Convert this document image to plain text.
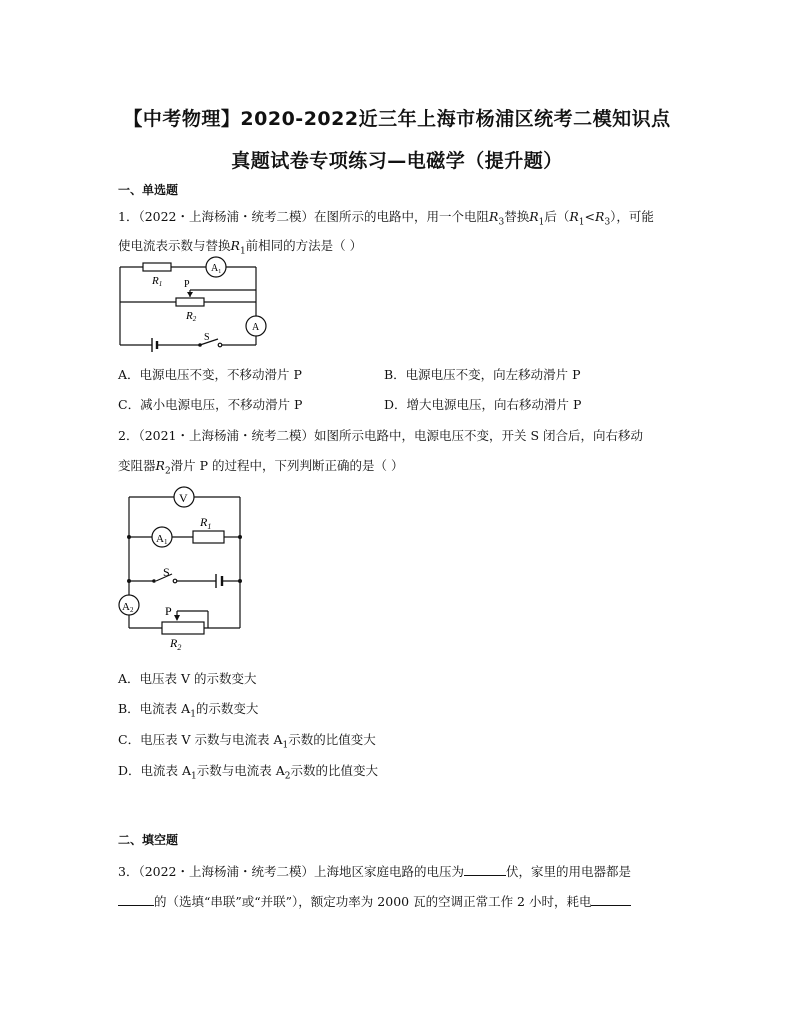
【中考物理】2020-2022近三年上海市杨浦区统考二模知识点
真题试卷专项练习—电磁学（提升题）
一、单选题
1．（2022・上海杨浦・统考二模）在图所示的电路中，用一个电阻$R_3$替换$R_1$后$(R_1<R_3)$，可能
使电流表示数与替换$R_1$前相同的方法是（ ）
R1
$A_1$
P
R2
A
S
A．电源电压不变，不移动滑片 P	B．电源电压不变，向左移动滑片 P
C．减小电源电压，不移动滑片 P	D．增大电源电压，向右移动滑片 P
2．（2021・上海杨浦・统考二模）如图所示电路中，电源电压不变，开关 S 闭合后，向右移动
变阻器$R_2$滑片 P 的过程中，下列判断正确的是（ ）
V
A1
$R_1$
S
A2	P
$R_2$
A．电压表 V 的示数变大
B．电流表 $A_1$的示数变大
C．电压表 V 示数与电流表 $A_1$示数的比值变大
D．电流表 $A_1$示数与电流表 $A_2$示数的比值变大
二、填空题
3．（2022・上海杨浦・统考二模）上海地区家庭电路的电压为	伏，家里的用电器都是
的（选填“串联”或“并联”），额定功率为 2000 瓦的空调正常工作 2 小时，耗电
